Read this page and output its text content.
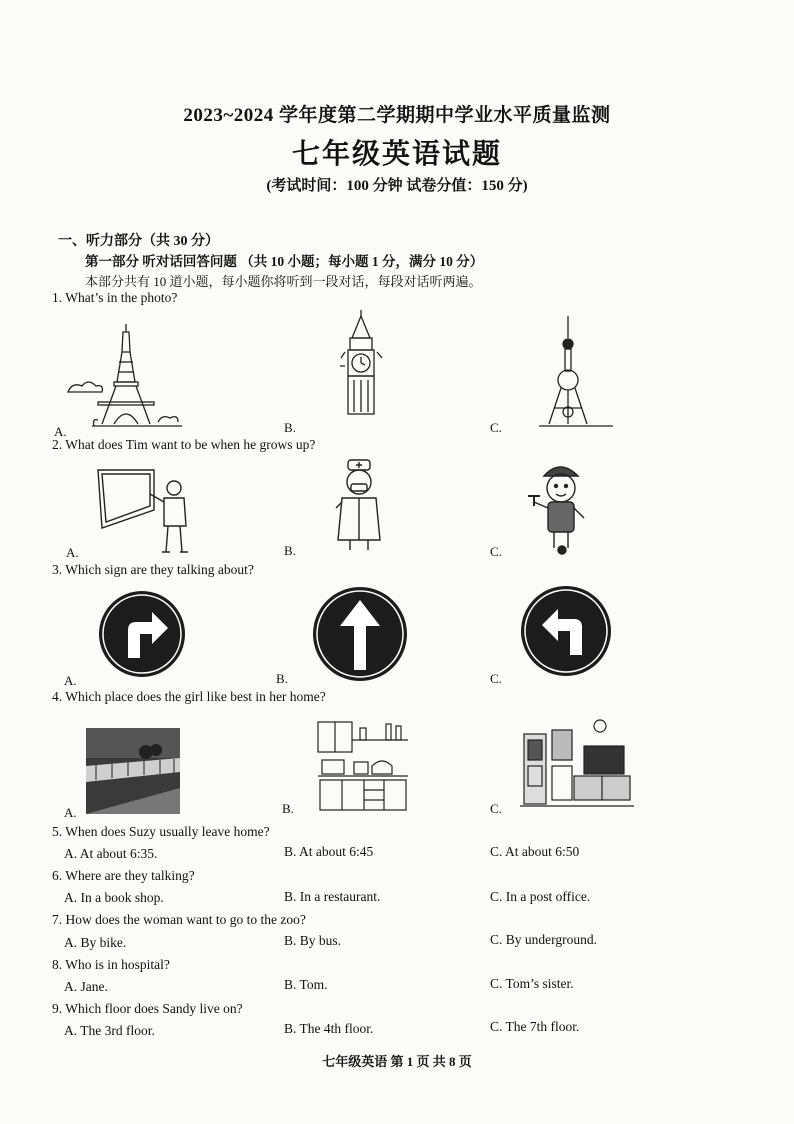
2023~2024 学年度第二学期期中学业水平质量监测
七年级英语试题
(考试时间：100 分钟 试卷分值：150 分)
一、听力部分（共 30 分）
第一部分 听对话回答问题 （共 10 小题；每小题 1 分，满分 10 分）
本部分共有 10 道小题，每小题你将听到一段对话，每段对话听两遍。
1. What’s in the photo?
A.	B.	C.
2. What does Tim want to be when he grows up?
A.	B.	C.
3. Which sign are they talking about?
A.	B.	C.
4. Which place does the girl like best in her home?
A.	B.	C.
5. When does Suzy usually leave home?
A. At about 6:35.	B. At about 6:45	C. At about 6:50
6. Where are they talking?
A. In a book shop.	B. In a restaurant.	C. In a post office.
7. How does the woman want to go to the zoo?
A. By bike.	B. By bus.	C. By underground.
8. Who is in hospital?
A. Jane.	B. Tom.	C. Tom’s sister.
9. Which floor does Sandy live on?
A. The 3rd floor.	B. The 4th floor.	C. The 7th floor.
七年级英语 第 1 页 共 8 页
